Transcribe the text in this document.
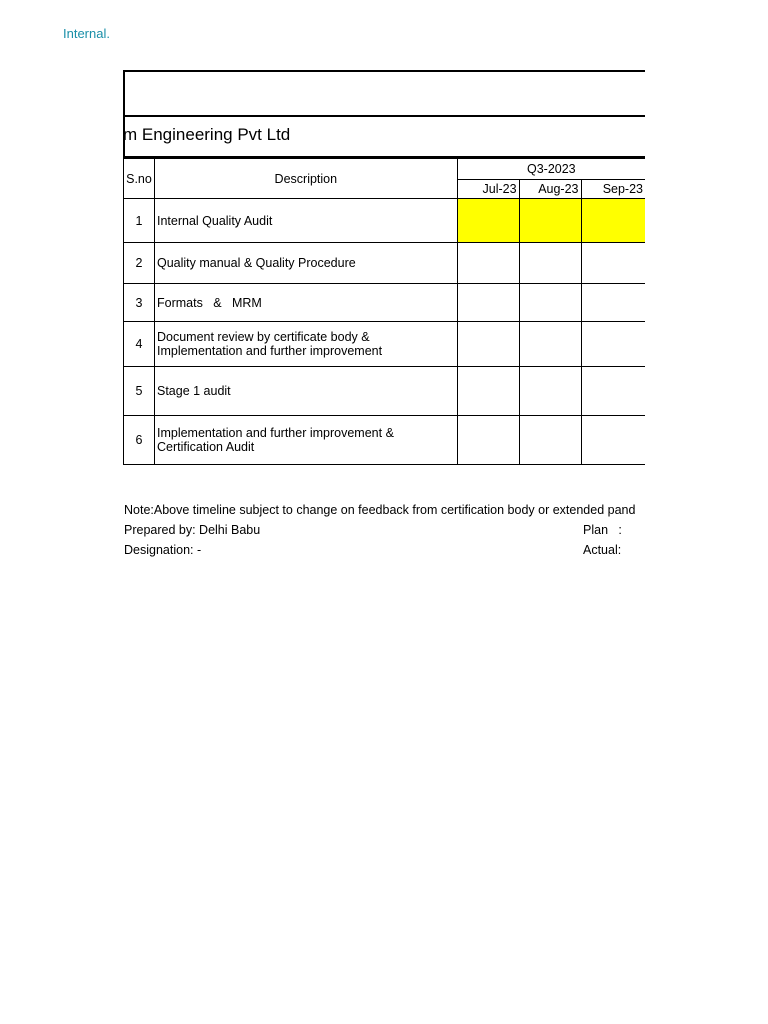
Internal.
m Engineering Pvt Ltd
S.no	Description	Q3-2023		
		Jul-23	Aug-23	Sep-23
1	Internal Quality Audit			
2	Quality manual & Quality Procedure			
3	Formats   &   MRM			
4	Document review by certificate body &
Implementation and further improvement			

5	Stage 1 audit			
6	Implementation and further improvement &
Certification Audit			

Note:Above timeline subject to change on feedback from certification body or extended pand
Prepared by: Delhi Babu	Plan   :
Designation: -	Actual:
